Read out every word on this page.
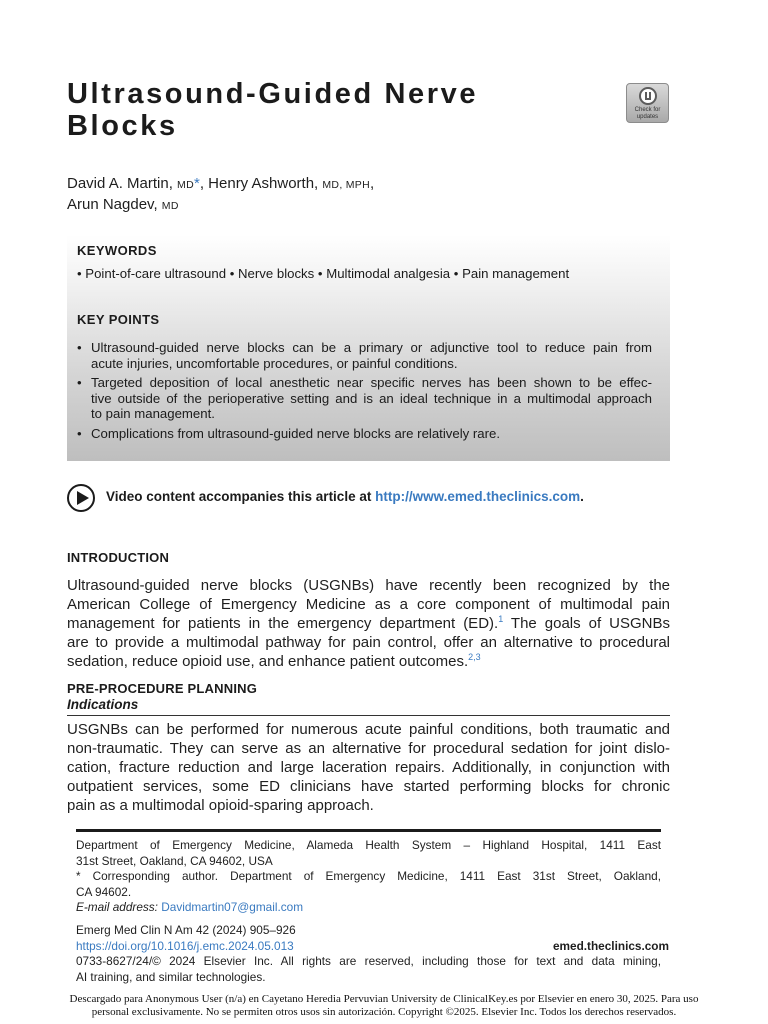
Ultrasound-Guided Nerve
Blocks	Check for
updates
David A. Martin, MD*, Henry Ashworth, MD, MPH,
Arun Nagdev, MD
KEYWORDS
• Point-of-care ultrasound • Nerve blocks • Multimodal analgesia • Pain management
KEY POINTS
• Ultrasound-guided nerve blocks can be a primary or adjunctive tool to reduce pain from
acute injuries, uncomfortable procedures, or painful conditions.
• Targeted deposition of local anesthetic near specific nerves has been shown to be effec-
tive outside of the perioperative setting and is an ideal technique in a multimodal approach
to pain management.
• Complications from ultrasound-guided nerve blocks are relatively rare.
Video content accompanies this article at http://www.emed.theclinics.com.
INTRODUCTION
Ultrasound-guided nerve blocks (USGNBs) have recently been recognized by the
American College of Emergency Medicine as a core component of multimodal pain
management for patients in the emergency department (ED).$^1$ The goals of USGNBs
are to provide a multimodal pathway for pain control, offer an alternative to procedural
sedation, reduce opioid use, and enhance patient outcomes.$^{2,3}$
PRE-PROCEDURE PLANNING
Indications
USGNBs can be performed for numerous acute painful conditions, both traumatic and
non-traumatic. They can serve as an alternative for procedural sedation for joint dislo-
cation, fracture reduction and large laceration repairs. Additionally, in conjunction with
outpatient services, some ED clinicians have started performing blocks for chronic
pain as a multimodal opioid-sparing approach.
Department of Emergency Medicine, Alameda Health System – Highland Hospital, 1411 East
31st Street, Oakland, CA 94602, USA
* Corresponding author. Department of Emergency Medicine, 1411 East 31st Street, Oakland,
CA 94602.
E-mail address: Davidmartin07@gmail.com
Emerg Med Clin N Am 42 (2024) 905–926
https://doi.org/10.1016/j.emc.2024.05.013	emed.theclinics.com
0733-8627/24/© 2024 Elsevier Inc. All rights are reserved, including those for text and data mining,
AI training, and similar technologies.
Descargado para Anonymous User (n/a) en Cayetano Heredia Pervuvian University de ClinicalKey.es por Elsevier en enero 30, 2025. Para uso
personal exclusivamente. No se permiten otros usos sin autorización. Copyright ©2025. Elsevier Inc. Todos los derechos reservados.
